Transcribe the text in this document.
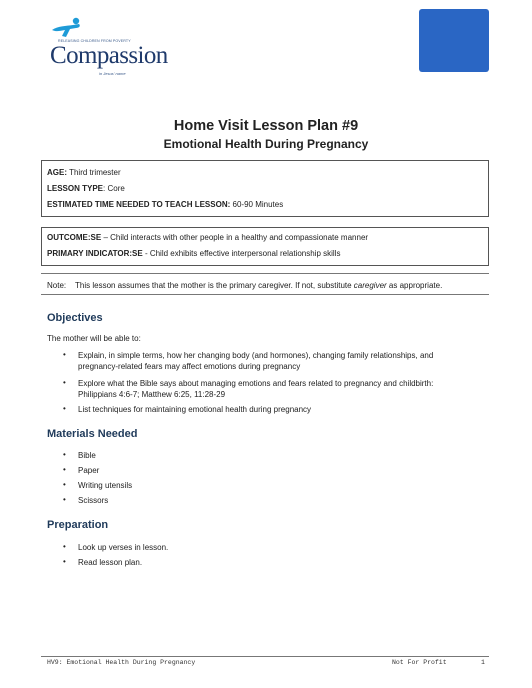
RELEASING CHILDREN FROM POVERTY
Compassion
in Jesus' name
Home Visit Lesson Plan #9
Emotional Health During Pregnancy
AGE: Third trimester
LESSON TYPE: Core
ESTIMATED TIME NEEDED TO TEACH LESSON: 60-90 Minutes
OUTCOME:SE – Child interacts with other people in a healthy and compassionate manner
PRIMARY INDICATOR:SE - Child exhibits effective interpersonal relationship skills
Note: This lesson assumes that the mother is the primary caregiver. If not, substitute caregiver as appropriate.
Objectives
The mother will be able to:
• Explain, in simple terms, how her changing body (and hormones), changing family relationships, and
pregnancy-related fears may affect emotions during pregnancy
• Explore what the Bible says about managing emotions and fears related to pregnancy and childbirth:
Philippians 4:6-7; Matthew 6:25, 11:28-29
• List techniques for maintaining emotional health during pregnancy
Materials Needed
• Bible
• Paper
• Writing utensils
• Scissors
Preparation
• Look up verses in lesson.
• Read lesson plan.
HV9: Emotional Health During Pregnancy	Not For Profit	1
